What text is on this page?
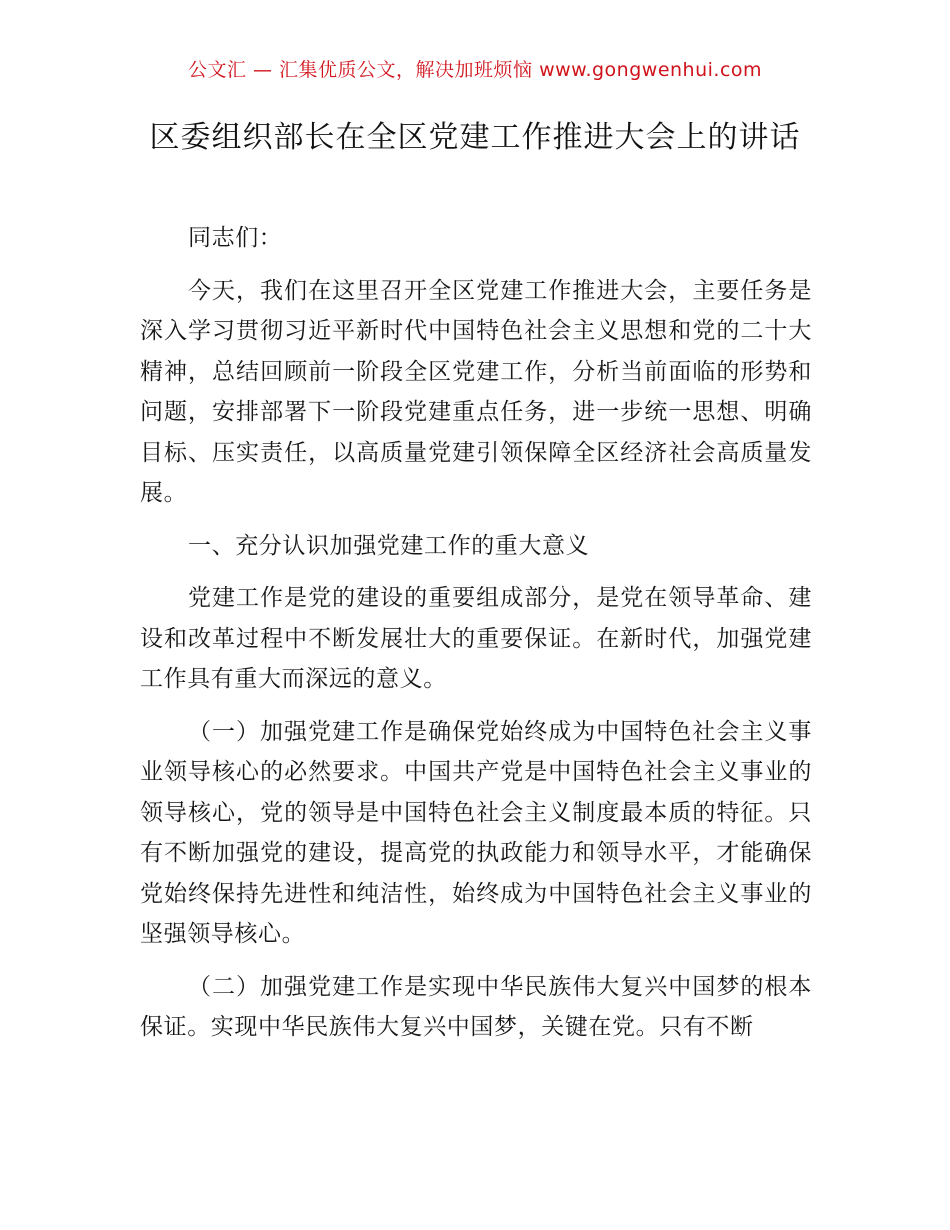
公文汇 — 汇集优质公文，解决加班烦恼 www.gongwenhui.com
区委组织部长在全区党建工作推进大会上的讲话

同志们：

今天，我们在这里召开全区党建工作推进大会，主要任务是深入学习贯彻习近平新时代中国特色社会主义思想和党的二十大精神，总结回顾前一阶段全区党建工作，分析当前面临的形势和问题，安排部署下一阶段党建重点任务，进一步统一思想、明确目标、压实责任，以高质量党建引领保障全区经济社会高质量发展。

一、充分认识加强党建工作的重大意义

党建工作是党的建设的重要组成部分，是党在领导革命、建设和改革过程中不断发展壮大的重要保证。在新时代，加强党建工作具有重大而深远的意义。

（一）加强党建工作是确保党始终成为中国特色社会主义事业领导核心的必然要求。中国共产党是中国特色社会主义事业的领导核心，党的领导是中国特色社会主义制度最本质的特征。只有不断加强党的建设，提高党的执政能力和领导水平，才能确保党始终保持先进性和纯洁性，始终成为中国特色社会主义事业的坚强领导核心。

（二）加强党建工作是实现中华民族伟大复兴中国梦的根本保证。实现中华民族伟大复兴中国梦，关键在党。只有不断
